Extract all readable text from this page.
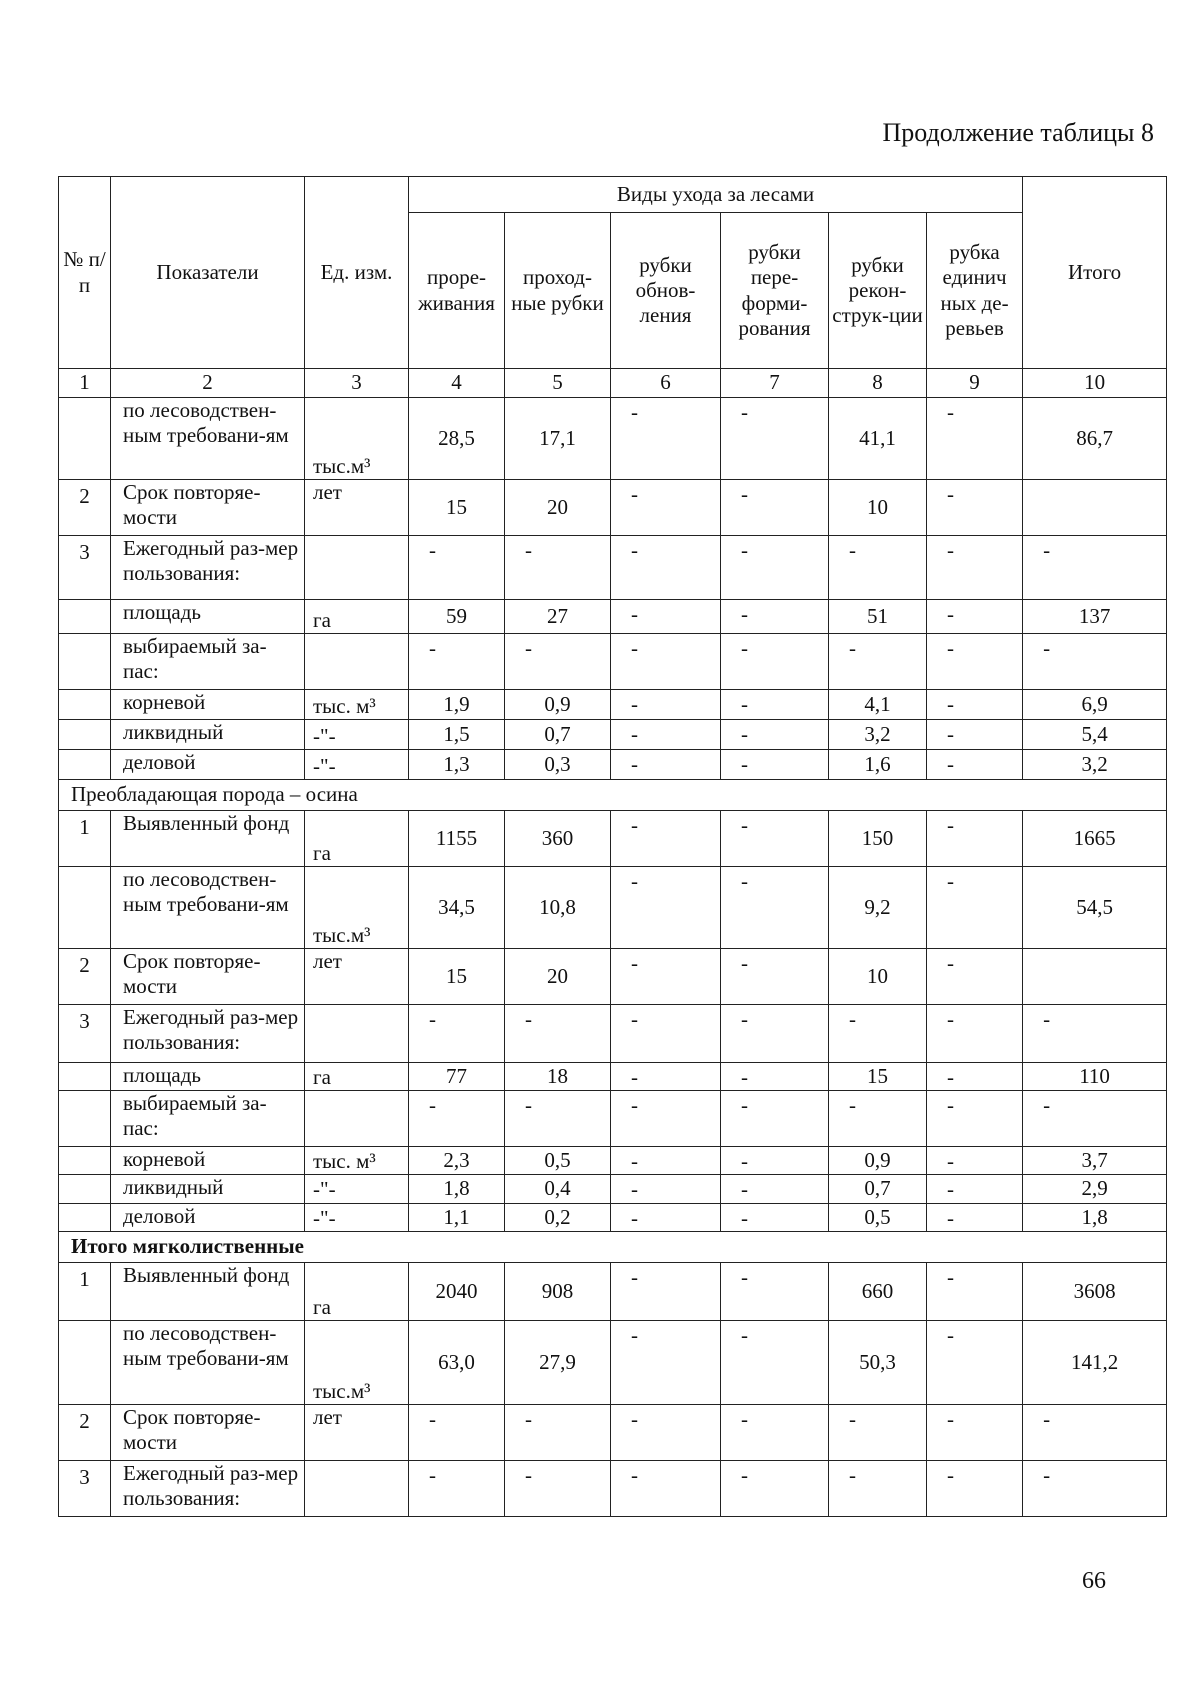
Продолжение таблицы 8
№ п/п	Показатели	Ед. изм.	Виды ухода за лесами						Итого
			проре-живания	проход-ные рубки	рубки обнов-ления	рубки пере-форми-рования	рубки рекон-струк-ции	рубка единич ных де-ревьев	
1	2	3	4	5	6	7	8	9	10
	по лесоводствен-ным требовани-ям	тыс.м³	28,5	17,1	-	-	41,1	-	86,7
2	Срок повторяе-мости	лет	15	20	-	-	10	-	
3	Ежегодный раз-мер пользования:		-	-	-	-	-	-	-
	площадь	га	59	27	-	-	51	-	137
	выбираемый за-пас:		-	-	-	-	-	-	-
	корневой	тыс. м³	1,9	0,9	-	-	4,1	-	6,9
	ликвидный	-"-	1,5	0,7	-	-	3,2	-	5,4
	деловой	-"-	1,3	0,3	-	-	1,6	-	3,2
Преобладающая порода – осина									
1	Выявленный фонд	га	1155	360	-	-	150	-	1665
	по лесоводствен-ным требовани-ям	тыс.м³	34,5	10,8	-	-	9,2	-	54,5
2	Срок повторяе-мости	лет	15	20	-	-	10	-	
3	Ежегодный раз-мер пользования:		-	-	-	-	-	-	-
	площадь	га	77	18	-	-	15	-	110
	выбираемый за-пас:		-	-	-	-	-	-	-
	корневой	тыс. м³	2,3	0,5	-	-	0,9	-	3,7
	ликвидный	-"-	1,8	0,4	-	-	0,7	-	2,9
	деловой	-"-	1,1	0,2	-	-	0,5	-	1,8
Итого мягколиственные									
1	Выявленный фонд	га	2040	908	-	-	660	-	3608
	по лесоводствен-ным требовани-ям	тыс.м³	63,0	27,9	-	-	50,3	-	141,2
2	Срок повторяе-мости	лет	-	-	-	-	-	-	-
3	Ежегодный раз-мер пользования:		-	-	-	-	-	-	-
66
